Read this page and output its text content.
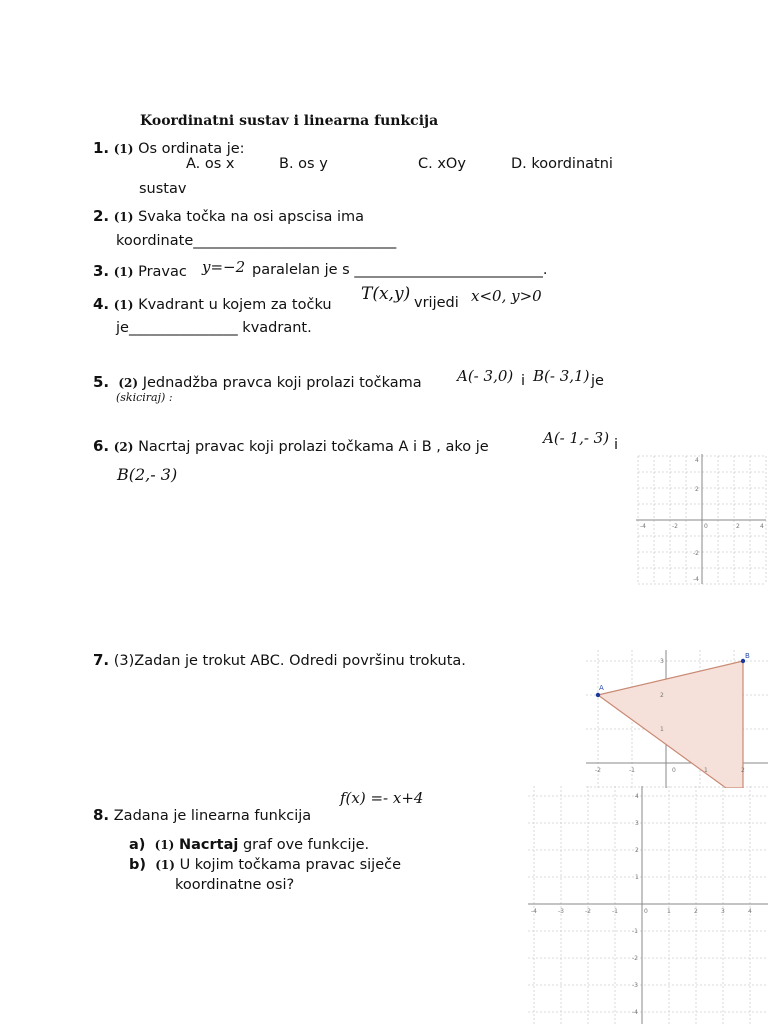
Koordinatni sustav i linearna funkcija
1. (1) Os ordinata je:
A. os x	B. os y	C. xOy	D. koordinatni
sustav
2. (1) Svaka točka na osi apscisa ima
koordinate____________________________
3. (1) Pravac y=−2 paralelan je s __________________________.
4. (1) Kvadrant u kojem za točku
T(x,y) vrijedi x<0, y>0
je_______________ kvadrant.
5. (2) Jednadžba pravca koji prolazi točkama A(- 3,0) i B(- 3,1) je
(skiciraj) :
6. (2) Nacrtaj pravac koji prolazi točkama A i B , ako je	A(- 1,- 3) i
B(2,- 3)
-4	-2	0	2	4
4
2
-2
-4
7. (3)Zadan je trokut ABC. Odredi površinu trokuta.
A
B
-2	-1	0	1	2
3
2
1
f(x) =- x+4
8. Zadana je linearna funkcija
a) (1) Nacrtaj graf ove funkcije.
b) (1) U kojim točkama pravac siječe
koordinatne osi?
-4	-3	-2	-1	0	1	2	3	4
4
3
2
1
-1
-2
-3
-4
